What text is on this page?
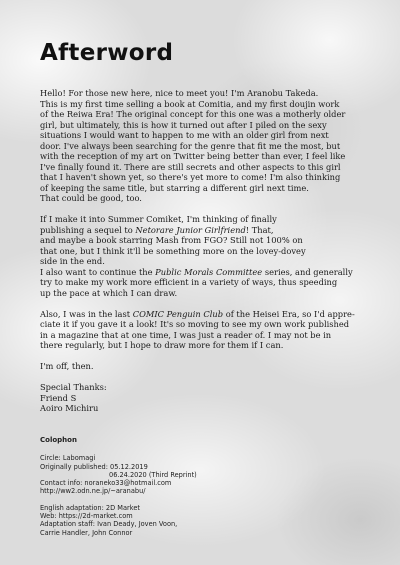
Afterword

Hello! For those new here, nice to meet you! I'm Aranobu Takeda.
This is my first time selling a book at Comitia, and my first doujin work
of the Reiwa Era! The original concept for this one was a motherly older
girl, but ultimately, this is how it turned out after I piled on the sexy
situations I would want to happen to me with an older girl from next
door. I've always been searching for the genre that fit me the most, but
with the reception of my art on Twitter being better than ever, I feel like
I've finally found it. There are still secrets and other aspects to this girl
that I haven't shown yet, so there's yet more to come! I'm also thinking
of keeping the same title, but starring a different girl next time.
That could be good, too.

If I make it into Summer Comiket, I'm thinking of finally
publishing a sequel to Netorare Junior Girlfriend! That,
and maybe a book starring Mash from FGO? Still not 100% on
that one, but I think it'll be something more on the lovey-dovey
side in the end.
I also want to continue the Public Morals Committee series, and generally
try to make my work more efficient in a variety of ways, thus speeding
up the pace at which I can draw.

Also, I was in the last COMIC Penguin Club of the Heisei Era, so I'd appre-
ciate it if you gave it a look! It's so moving to see my own work published
in a magazine that at one time, I was just a reader of. I may not be in
there regularly, but I hope to draw more for them if I can.

I'm off, then.

Special Thanks:
Friend S
Aoiro Michiru

Colophon
Circle: Labomagi
Originally published: 05.12.2019
06.24.2020 (Third Reprint)
Contact info: noraneko33@hotmail.com
http://ww2.odn.ne.jp/~aranabu/
English adaptation: 2D Market
Web: https://2d-market.com
Adaptation staff: Ivan Deady, Joven Voon,
Carrie Handler, John Connor
